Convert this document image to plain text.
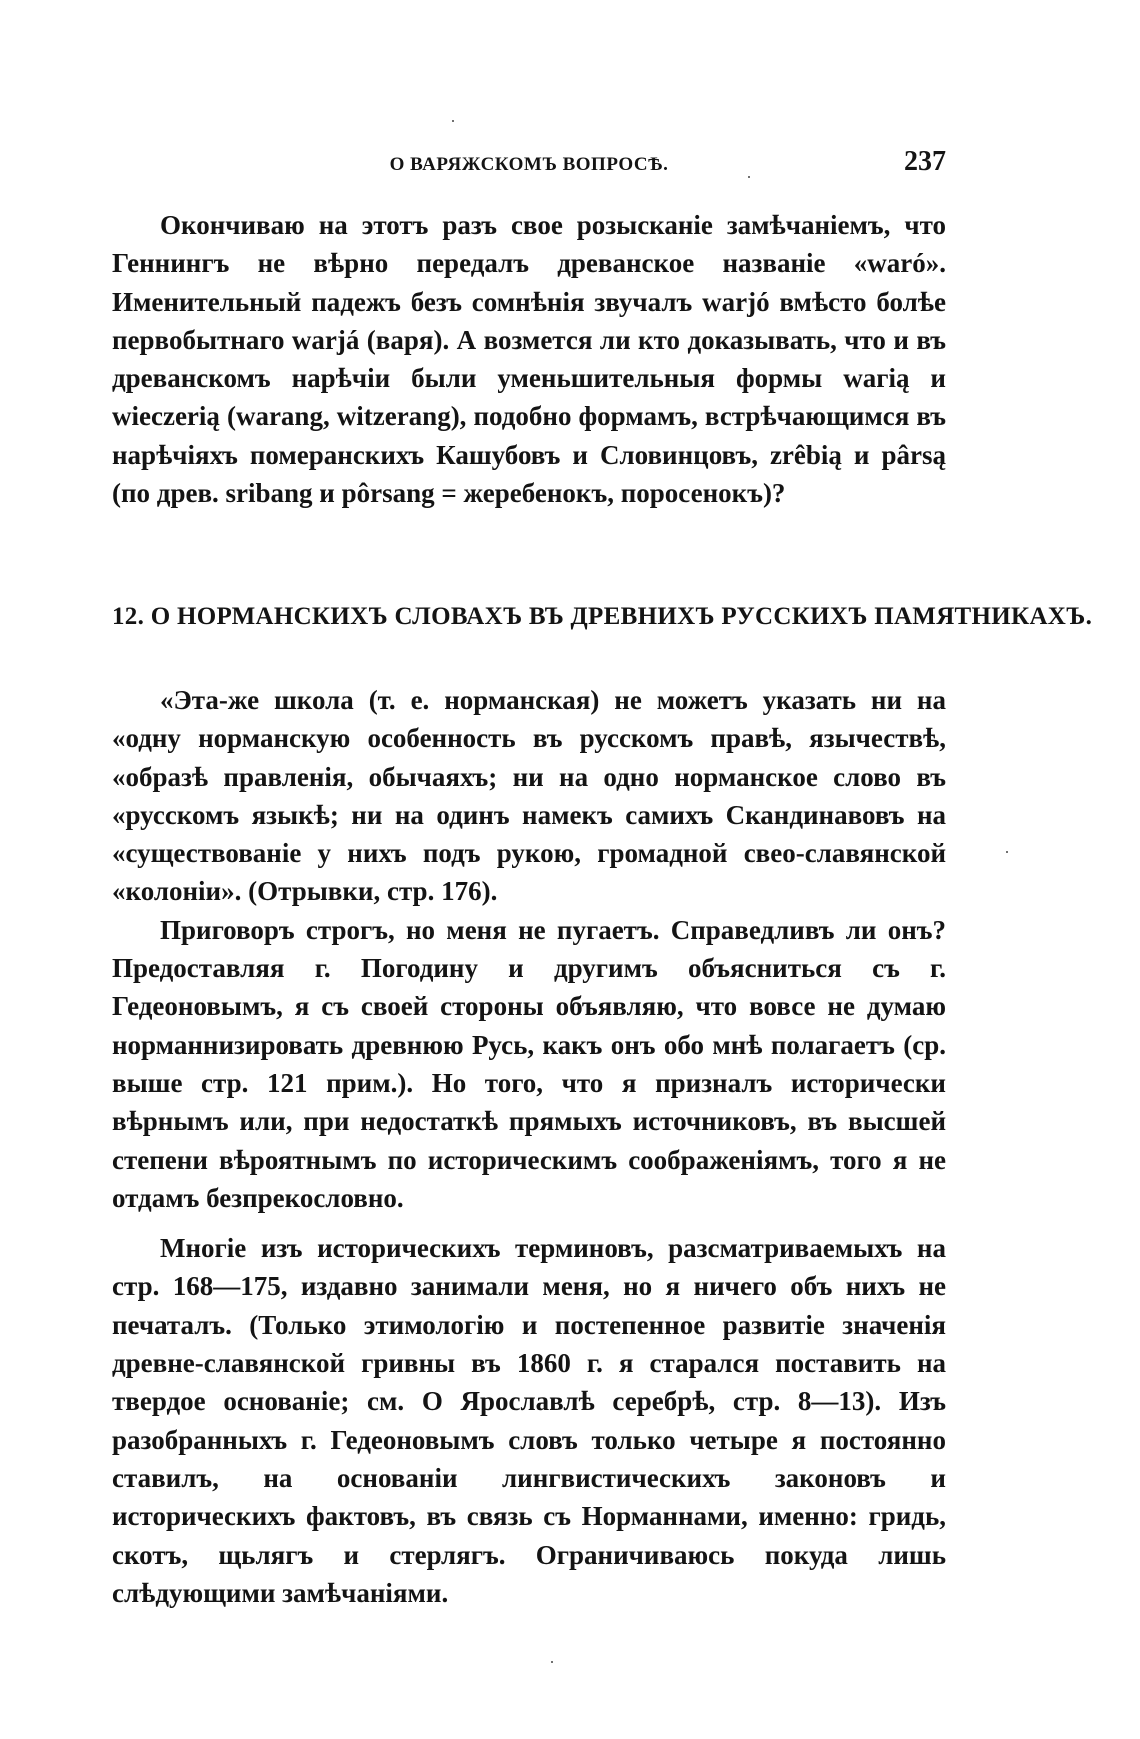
О ВАРЯЖСКОМЪ ВОПРОСѢ.	237

Окончиваю на этотъ разъ свое розысканіе замѣчаніемъ, что Геннингъ не вѣрно передалъ древанское названіе «waró». Именительный падежъ безъ сомнѣнія звучалъ warjó вмѣсто болѣе первобытнаго warjá (варя). А возмется ли кто доказывать, что и въ древанскомъ нарѣчіи были уменьшительныя формы waгią и wieczerią (warang, witzerang), подобно формамъ, встрѣчающимся въ нарѣчіяхъ померанскихъ Кашубовъ и Словинцовъ, zrêbią и pârsą (по древ. sribang и pôrsang = жеребенокъ, поросенокъ)?

12. О НОРМАНСКИХЪ СЛОВАХЪ ВЪ ДРЕВНИХЪ РУССКИХЪ ПАМЯТНИКАХЪ.

«Эта-же школа (т. е. норманская) не можетъ указать ни на «одну норманскую особенность въ русскомъ правѣ, язычествѣ, «образѣ правленія, обычаяхъ; ни на одно норманское слово въ «русскомъ языкѣ; ни на одинъ намекъ самихъ Скандинавовъ на «существованіе у нихъ подъ рукою, громадной свео-славянской «колоніи». (Отрывки, стр. 176).

Приговоръ строгъ, но меня не пугаетъ. Справедливъ ли онъ? Предоставляя г. Погодину и другимъ объясниться съ г. Гедеоновымъ, я съ своей стороны объявляю, что вовсе не думаю норманнизировать древнюю Русь, какъ онъ обо мнѣ полагаетъ (ср. выше стр. 121 прим.). Но того, что я призналъ исторически вѣрнымъ или, при недостаткѣ прямыхъ источниковъ, въ высшей степени вѣроятнымъ по историческимъ соображеніямъ, того я не отдамъ безпрекословно.

Многіе изъ историческихъ терминовъ, разсматриваемыхъ на стр. 168—175, издавно занимали меня, но я ничего объ нихъ не печаталъ. (Только этимологію и постепенное развитіе значенія древне-славянской гривны въ 1860 г. я старался поставить на твердое основаніе; см. О Ярославлѣ серебрѣ, стр. 8—13). Изъ разобранныхъ г. Гедеоновымъ словъ только четыре я постоянно ставилъ, на основаніи лингвистическихъ законовъ и историческихъ фактовъ, въ связь съ Норманнами, именно: гридь, скотъ, щьлягъ и стерлягъ. Ограничиваюсь покуда лишь слѣдующими замѣчаніями.
